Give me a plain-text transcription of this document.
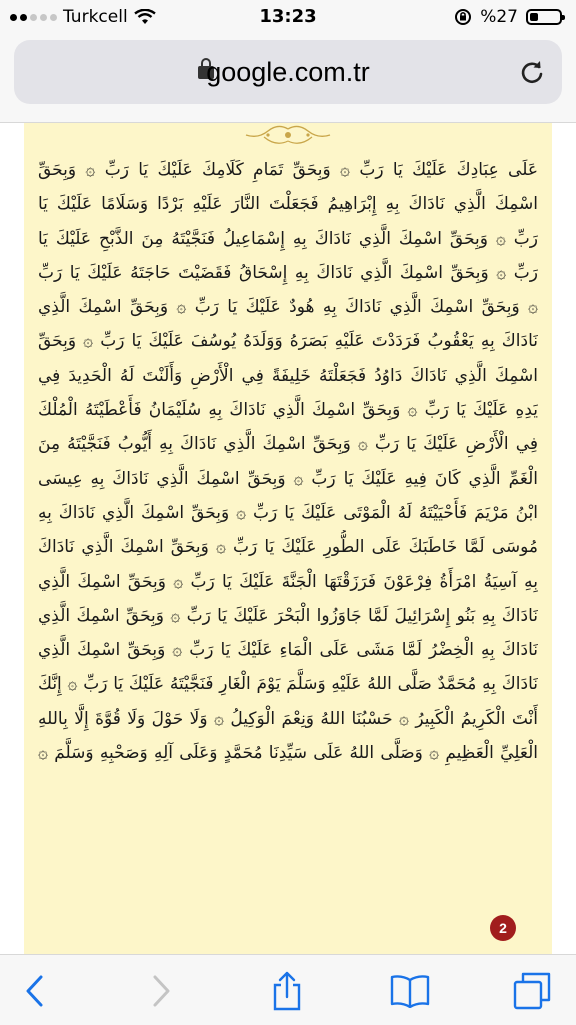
Turkcell	13:23	%27
google.com.tr
عَلَى عِبَادِكَ عَلَيْكَ يَا رَبِّ ۞ وَبِحَقِّ تَمَامِ كَلَامِكَ عَلَيْكَ يَا رَبِّ ۞ وَبِحَقِّ
اسْمِكَ الَّذِي نَادَاكَ بِهِ إِبْرَاهِيمُ فَجَعَلْتَ النَّارَ عَلَيْهِ بَرْدًا وَسَلَامًا عَلَيْكَ يَا
رَبِّ ۞ وَبِحَقِّ اسْمِكَ الَّذِي نَادَاكَ بِهِ إِسْمَاعِيلُ فَنَجَّيْتَهُ مِنَ الذَّبْحِ عَلَيْكَ يَا
رَبِّ ۞ وَبِحَقِّ اسْمِكَ الَّذِي نَادَاكَ بِهِ إِسْحَاقُ فَقَضَيْتَ حَاجَتَهُ عَلَيْكَ يَا رَبِّ
۞ وَبِحَقِّ اسْمِكَ الَّذِي نَادَاكَ بِهِ هُودٌ عَلَيْكَ يَا رَبِّ ۞ وَبِحَقِّ اسْمِكَ الَّذِي
نَادَاكَ بِهِ يَعْقُوبُ فَرَدَدْتَ عَلَيْهِ بَصَرَهُ وَوَلَدَهُ يُوسُفَ عَلَيْكَ يَا رَبِّ ۞ وَبِحَقِّ
اسْمِكَ الَّذِي نَادَاكَ دَاوُدُ فَجَعَلْتَهُ خَلِيفَةً فِي الْأَرْضِ وَأَلَنْتَ لَهُ الْحَدِيدَ فِي
يَدِهِ عَلَيْكَ يَا رَبِّ ۞ وَبِحَقِّ اسْمِكَ الَّذِي نَادَاكَ بِهِ سُلَيْمَانُ فَأَعْطَيْتَهُ الْمُلْكَ
فِي الْأَرْضِ عَلَيْكَ يَا رَبِّ ۞ وَبِحَقِّ اسْمِكَ الَّذِي نَادَاكَ بِهِ أَيُّوبُ فَنَجَّيْتَهُ مِنَ
الْغَمِّ الَّذِي كَانَ فِيهِ عَلَيْكَ يَا رَبِّ ۞ وَبِحَقِّ اسْمِكَ الَّذِي نَادَاكَ بِهِ عِيسَى
ابْنُ مَرْيَمَ فَأَحْيَيْتَهُ لَهُ الْمَوْتَى عَلَيْكَ يَا رَبِّ ۞ وَبِحَقِّ اسْمِكَ الَّذِي نَادَاكَ بِهِ
مُوسَى لَمَّا خَاطَبَكَ عَلَى الطُّورِ عَلَيْكَ يَا رَبِّ ۞ وَبِحَقِّ اسْمِكَ الَّذِي نَادَاكَ
بِهِ آسِيَةُ امْرَأَةُ فِرْعَوْنَ فَرَزَقْتَهَا الْجَنَّةَ عَلَيْكَ يَا رَبِّ ۞ وَبِحَقِّ اسْمِكَ الَّذِي
نَادَاكَ بِهِ بَنُو إِسْرَائِيلَ لَمَّا جَاوَزُوا الْبَحْرَ عَلَيْكَ يَا رَبِّ ۞ وَبِحَقِّ اسْمِكَ الَّذِي
نَادَاكَ بِهِ الْخِضْرُ لَمَّا مَشَى عَلَى الْمَاءِ عَلَيْكَ يَا رَبِّ ۞ وَبِحَقِّ اسْمِكَ الَّذِي
نَادَاكَ بِهِ مُحَمَّدٌ صَلَّى اللهُ عَلَيْهِ وَسَلَّمَ يَوْمَ الْغَارِ فَنَجَّيْتَهُ عَلَيْكَ يَا رَبِّ ۞ إِنَّكَ
أَنْتَ الْكَرِيمُ الْكَبِيرُ ۞ حَسْبُنَا اللهُ وَنِعْمَ الْوَكِيلُ ۞ وَلَا حَوْلَ وَلَا قُوَّةَ إِلَّا بِاللهِ
الْعَلِيِّ الْعَظِيمِ ۞ وَصَلَّى اللهُ عَلَى سَيِّدِنَا مُحَمَّدٍ وَعَلَى آلِهِ وَصَحْبِهِ وَسَلَّمَ ۞
2
